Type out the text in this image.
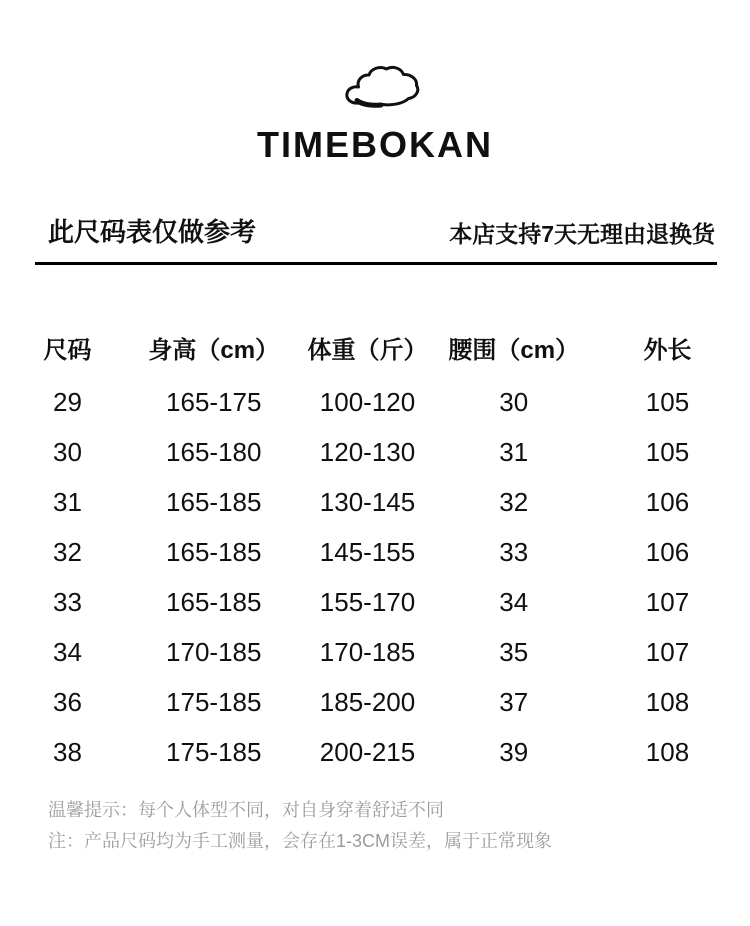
TIMEBOKAN
此尺码表仅做参考	本店支持7天无理由退换货
尺码	身高（cm）	体重（斤）	腰围（cm）	外长
29	165-175	100-120	30	105
30	165-180	120-130	31	105
31	165-185	130-145	32	106
32	165-185	145-155	33	106
33	165-185	155-170	34	107
34	170-185	170-185	35	107
36	175-185	185-200	37	108
38	175-185	200-215	39	108

温馨提示：每个人体型不同，对自身穿着舒适不同

注：产品尺码均为手工测量，会存在1-3CM误差，属于正常现象
